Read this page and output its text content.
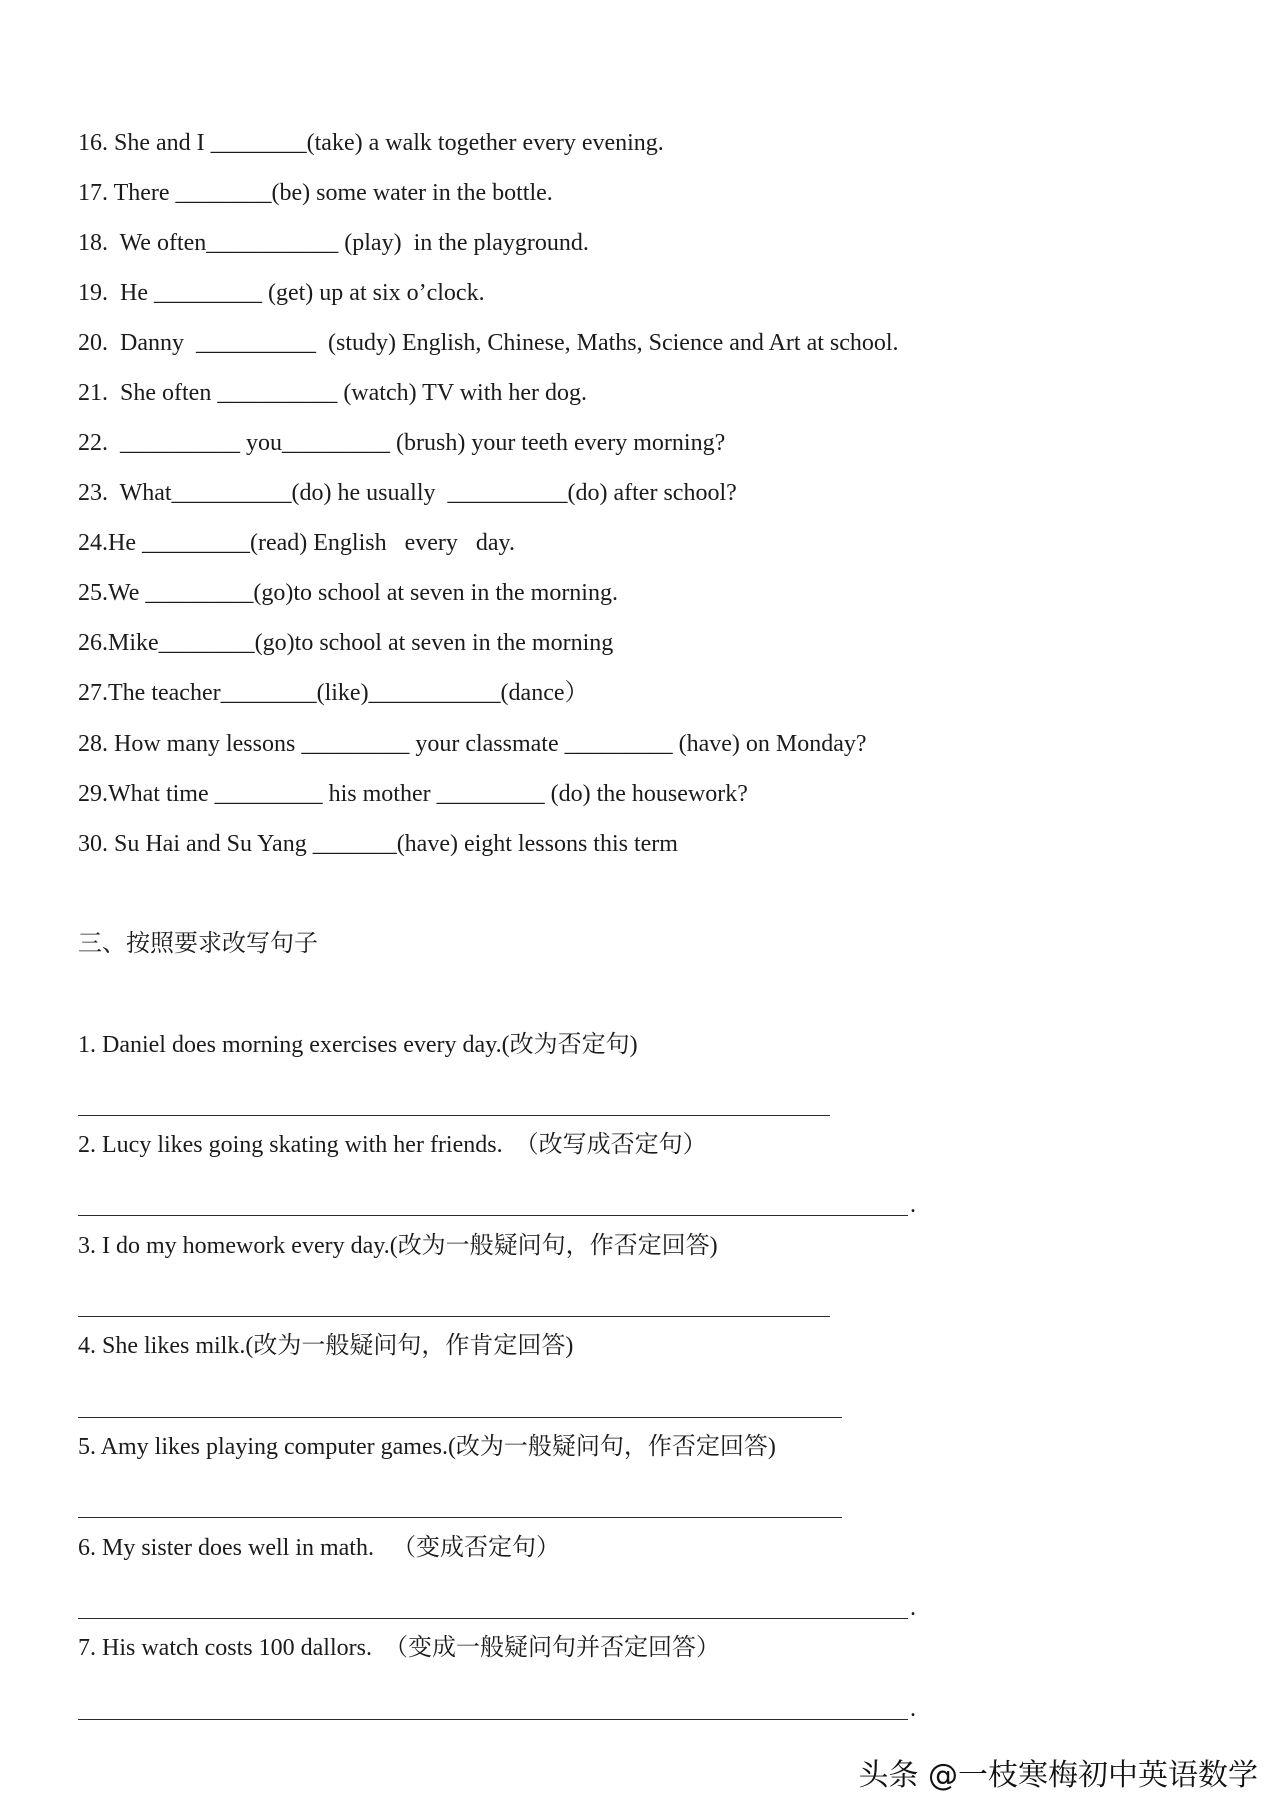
16. She and I ________(take) a walk together every evening.
17. There ________(be) some water in the bottle.
18.  We often___________ (play)  in the playground.
19.  He _________ (get) up at six o’clock.
20.  Danny  __________  (study) English, Chinese, Maths, Science and Art at school.
21.  She often __________ (watch) TV with her dog.
22.  __________ you_________ (brush) your teeth every morning?
23.  What__________(do) he usually  __________(do) after school?
24.He _________(read) English   every   day.
25.We _________(go)to school at seven in the morning.
26.Mike________(go)to school at seven in the morning
27.The teacher________(like)___________(dance）
28. How many lessons _________ your classmate _________ (have) on Monday?
29.What time _________ his mother _________ (do) the housework?
30. Su Hai and Su Yang _______(have) eight lessons this term
三、按照要求改写句子
1. Daniel does morning exercises every day.(改为否定句)
2. Lucy likes going skating with her friends.  （改写成否定句）
.
3. I do my homework every day.(改为一般疑问句，作否定回答)
4. She likes milk.(改为一般疑问句，作肯定回答)
5. Amy likes playing computer games.(改为一般疑问句，作否定回答)
6. My sister does well in math.   （变成否定句）
.
7. His watch costs 100 dallors.  （变成一般疑问句并否定回答）
.
头条 @一枝寒梅初中英语数学
